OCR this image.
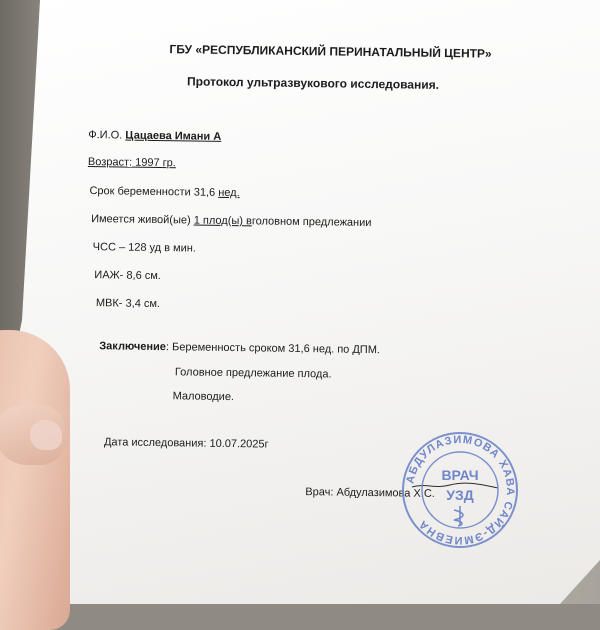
ГБУ «РЕСПУБЛИКАНСКИЙ ПЕРИНАТАЛЬНЫЙ ЦЕНТР»
Протокол ультразвукового исследования.
Ф.И.О. Цацаева Имани А
Возраст: 1997 гр.
Срок беременности 31,6 нед.
Имеется живой(ые) 1 плод(ы) вголовном предлежании
ЧСС – 128 уд в мин.
ИАЖ- 8,6 см.
МВК- 3,4 см.
Заключение: Беременность сроком 31,6 нед. по ДПМ.
Головное предлежание плода.
Маловодие.
Дата исследования: 10.07.2025г
Врач: Абдулазимова Х.С.
АБДУЛАЗИМОВА ХАВА САЙД-ЭМИЕВНА
ВРАЧ
УЗД
